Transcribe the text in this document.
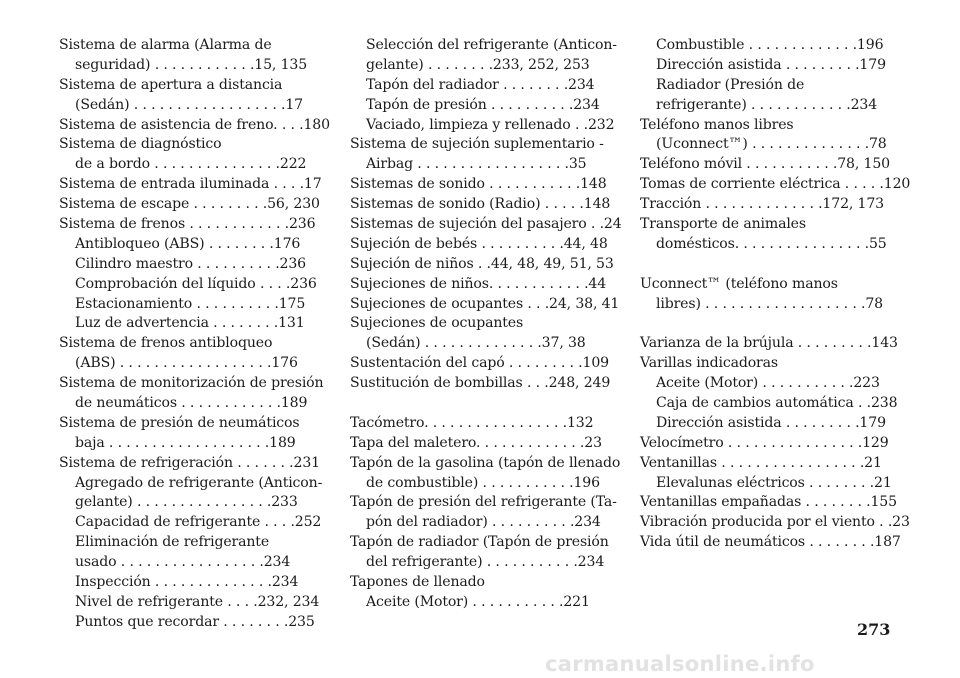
Sistema de alarma (Alarma de
seguridad) . . . . . . . . . . . .15, 135
Sistema de apertura a distancia
(Sedán) . . . . . . . . . . . . . . . . . .17
Sistema de asistencia de freno. . . .180
Sistema de diagnóstico
de a bordo . . . . . . . . . . . . . . .222
Sistema de entrada iluminada . . . .17
Sistema de escape . . . . . . . . .56, 230
Sistema de frenos . . . . . . . . . . . .236
Antibloqueo (ABS) . . . . . . . .176
Cilindro maestro . . . . . . . . . .236
Comprobación del líquido . . . .236
Estacionamiento . . . . . . . . . .175
Luz de advertencia . . . . . . . .131
Sistema de frenos antibloqueo
(ABS) . . . . . . . . . . . . . . . . . .176
Sistema de monitorización de presión
de neumáticos . . . . . . . . . . . .189
Sistema de presión de neumáticos
baja . . . . . . . . . . . . . . . . . . .189
Sistema de refrigeración . . . . . . .231
Agregado de refrigerante (Anticon-
gelante) . . . . . . . . . . . . . . . .233
Capacidad de refrigerante . . . .252
Eliminación de refrigerante
usado . . . . . . . . . . . . . . . . .234
Inspección . . . . . . . . . . . . . .234
Nivel de refrigerante . . . .232, 234
Puntos que recordar . . . . . . . .235
Selección del refrigerante (Anticon-
gelante) . . . . . . . .233, 252, 253
Tapón del radiador . . . . . . . .234
Tapón de presión . . . . . . . . . .234
Vaciado, limpieza y rellenado . .232
Sistema de sujeción suplementario -
Airbag . . . . . . . . . . . . . . . . . .35
Sistemas de sonido . . . . . . . . . . .148
Sistemas de sonido (Radio) . . . . .148
Sistemas de sujeción del pasajero . .24
Sujeción de bebés . . . . . . . . . .44, 48
Sujeción de niños . .44, 48, 49, 51, 53
Sujeciones de niños. . . . . . . . . . . .44
Sujeciones de ocupantes . . .24, 38, 41
Sujeciones de ocupantes
(Sedán) . . . . . . . . . . . . . .37, 38
Sustentación del capó . . . . . . . . .109
Sustitución de bombillas . . .248, 249
Tacómetro. . . . . . . . . . . . . . . . .132
Tapa del maletero. . . . . . . . . . . . .23
Tapón de la gasolina (tapón de llenado
de combustible) . . . . . . . . . . .196
Tapón de presión del refrigerante (Ta-
pón del radiador) . . . . . . . . . .234
Tapón de radiador (Tapón de presión
del refrigerante) . . . . . . . . . . .234
Tapones de llenado
Aceite (Motor) . . . . . . . . . . .221
Combustible . . . . . . . . . . . . .196
Dirección asistida . . . . . . . . .179
Radiador (Presión de
refrigerante) . . . . . . . . . . . .234
Teléfono manos libres
(Uconnect™) . . . . . . . . . . . . . .78
Teléfono móvil . . . . . . . . . . .78, 150
Tomas de corriente eléctrica . . . . .120
Tracción . . . . . . . . . . . . . .172, 173
Transporte de animales
domésticos. . . . . . . . . . . . . . . .55
Uconnect™ (teléfono manos
libres) . . . . . . . . . . . . . . . . . . .78
Varianza de la brújula . . . . . . . . .143
Varillas indicadoras
Aceite (Motor) . . . . . . . . . . .223
Caja de cambios automática . .238
Dirección asistida . . . . . . . . .179
Velocímetro . . . . . . . . . . . . . . . .129
Ventanillas . . . . . . . . . . . . . . . . .21
Elevalunas eléctricos . . . . . . . .21
Ventanillas empañadas . . . . . . . .155
Vibración producida por el viento . .23
Vida útil de neumáticos . . . . . . . .187
273
carmanualsonline.info
